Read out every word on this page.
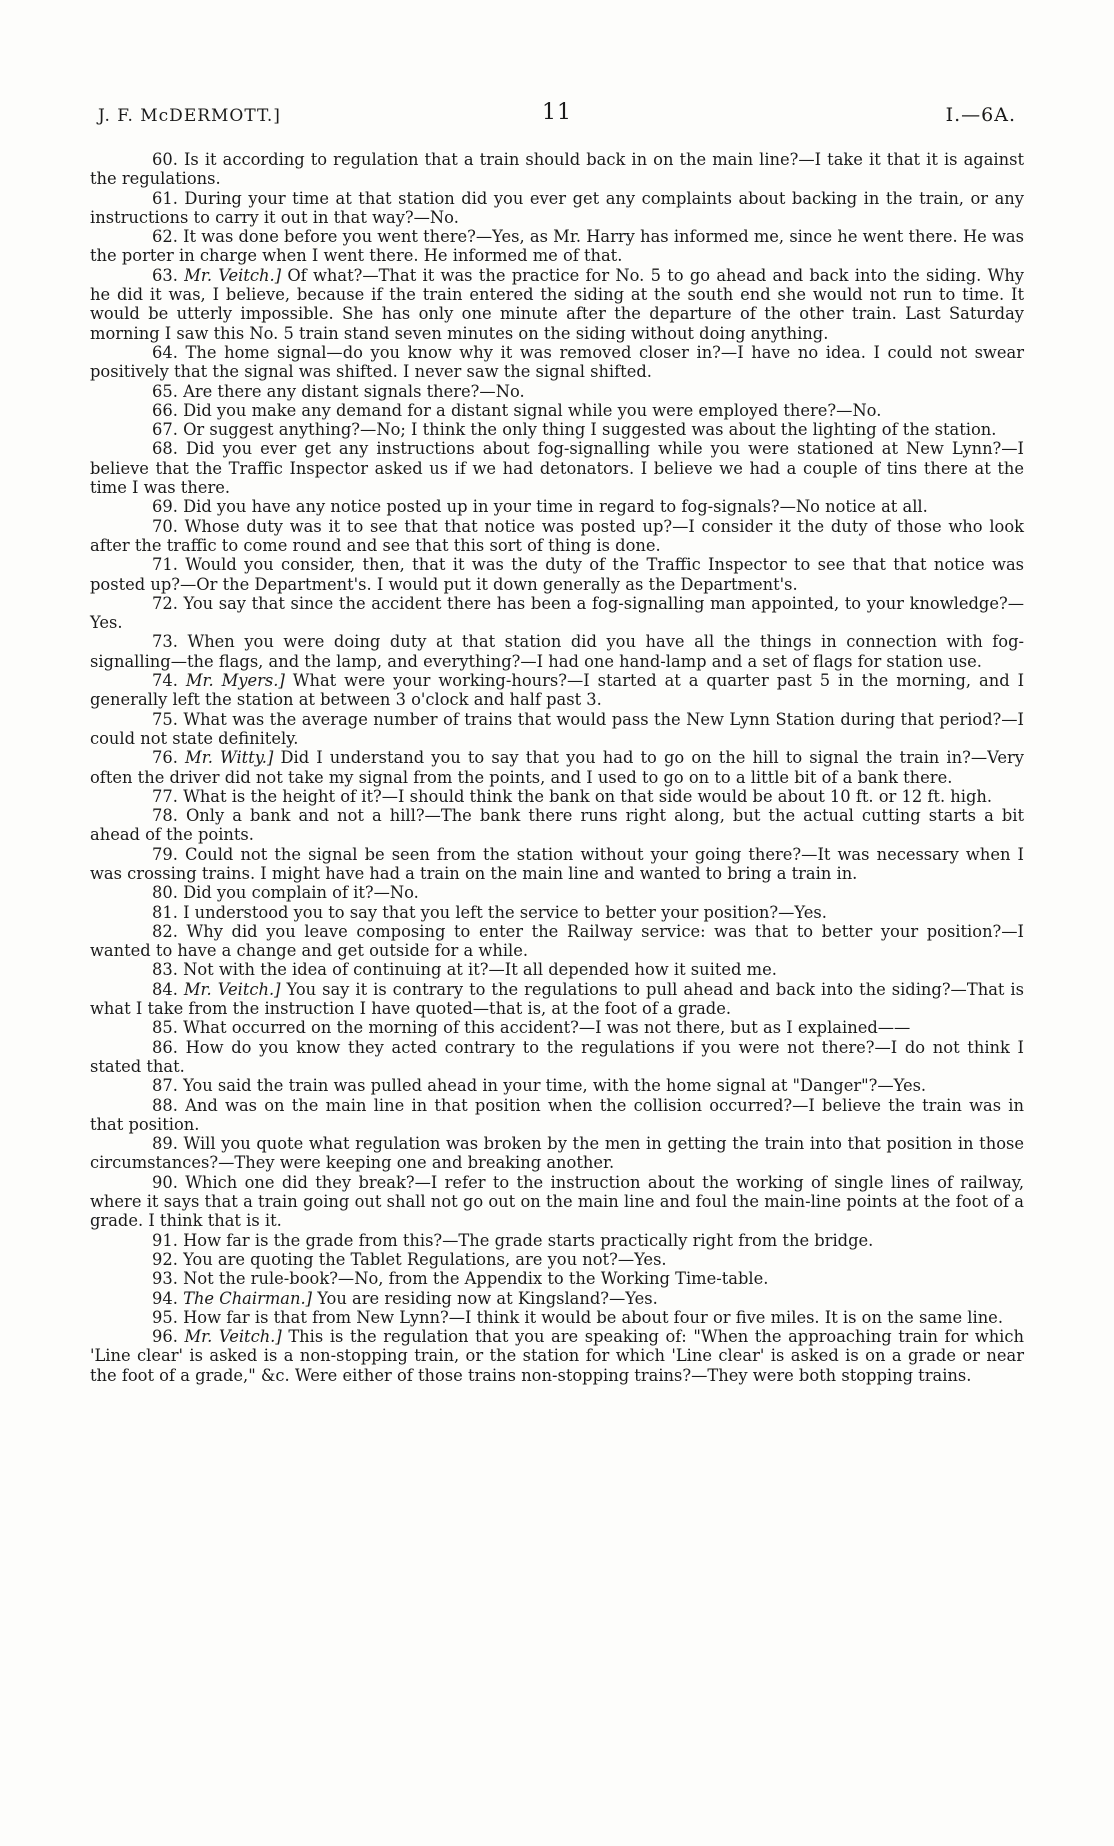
J. F. McDERMOTT.]	11	I.—6A.

60. Is it according to regulation that a train should back in on the main line?—I take it that it is against the regulations.

61. During your time at that station did you ever get any complaints about backing in the train, or any instructions to carry it out in that way?—No.

62. It was done before you went there?—Yes, as Mr. Harry has informed me, since he went there. He was the porter in charge when I went there. He informed me of that.

63. Mr. Veitch.] Of what?—That it was the practice for No. 5 to go ahead and back into the siding. Why he did it was, I believe, because if the train entered the siding at the south end she would not run to time. It would be utterly impossible. She has only one minute after the departure of the other train. Last Saturday morning I saw this No. 5 train stand seven minutes on the siding without doing anything.

64. The home signal—do you know why it was removed closer in?—I have no idea. I could not swear positively that the signal was shifted. I never saw the signal shifted.

65. Are there any distant signals there?—No.

66. Did you make any demand for a distant signal while you were employed there?—No.

67. Or suggest anything?—No; I think the only thing I suggested was about the lighting of the station.

68. Did you ever get any instructions about fog-signalling while you were stationed at New Lynn?—I believe that the Traffic Inspector asked us if we had detonators. I believe we had a couple of tins there at the time I was there.

69. Did you have any notice posted up in your time in regard to fog-signals?—No notice at all.

70. Whose duty was it to see that that notice was posted up?—I consider it the duty of those who look after the traffic to come round and see that this sort of thing is done.

71. Would you consider, then, that it was the duty of the Traffic Inspector to see that that notice was posted up?—Or the Department's. I would put it down generally as the Department's.

72. You say that since the accident there has been a fog-signalling man appointed, to your knowledge?—Yes.

73. When you were doing duty at that station did you have all the things in connection with fog-signalling—the flags, and the lamp, and everything?—I had one hand-lamp and a set of flags for station use.

74. Mr. Myers.] What were your working-hours?—I started at a quarter past 5 in the morning, and I generally left the station at between 3 o'clock and half past 3.

75. What was the average number of trains that would pass the New Lynn Station during that period?—I could not state definitely.

76. Mr. Witty.] Did I understand you to say that you had to go on the hill to signal the train in?—Very often the driver did not take my signal from the points, and I used to go on to a little bit of a bank there.

77. What is the height of it?—I should think the bank on that side would be about 10 ft. or 12 ft. high.

78. Only a bank and not a hill?—The bank there runs right along, but the actual cutting starts a bit ahead of the points.

79. Could not the signal be seen from the station without your going there?—It was necessary when I was crossing trains. I might have had a train on the main line and wanted to bring a train in.

80. Did you complain of it?—No.

81. I understood you to say that you left the service to better your position?—Yes.

82. Why did you leave composing to enter the Railway service: was that to better your position?—I wanted to have a change and get outside for a while.

83. Not with the idea of continuing at it?—It all depended how it suited me.

84. Mr. Veitch.] You say it is contrary to the regulations to pull ahead and back into the siding?—That is what I take from the instruction I have quoted—that is, at the foot of a grade.

85. What occurred on the morning of this accident?—I was not there, but as I explained——

86. How do you know they acted contrary to the regulations if you were not there?—I do not think I stated that.

87. You said the train was pulled ahead in your time, with the home signal at "Danger"?—Yes.

88. And was on the main line in that position when the collision occurred?—I believe the train was in that position.

89. Will you quote what regulation was broken by the men in getting the train into that position in those circumstances?—They were keeping one and breaking another.

90. Which one did they break?—I refer to the instruction about the working of single lines of railway, where it says that a train going out shall not go out on the main line and foul the main-line points at the foot of a grade. I think that is it.

91. How far is the grade from this?—The grade starts practically right from the bridge.

92. You are quoting the Tablet Regulations, are you not?—Yes.

93. Not the rule-book?—No, from the Appendix to the Working Time-table.

94. The Chairman.] You are residing now at Kingsland?—Yes.

95. How far is that from New Lynn?—I think it would be about four or five miles. It is on the same line.

96. Mr. Veitch.] This is the regulation that you are speaking of: "When the approaching train for which 'Line clear' is asked is a non-stopping train, or the station for which 'Line clear' is asked is on a grade or near the foot of a grade," &c. Were either of those trains non-stopping trains?—They were both stopping trains.
